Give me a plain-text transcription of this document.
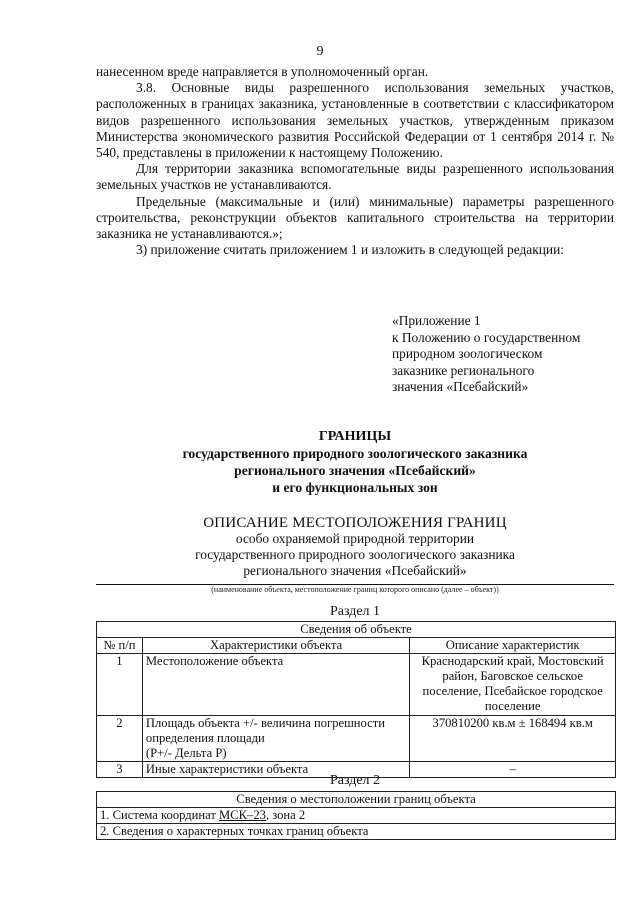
9

нанесенном вреде направляется в уполномоченный орган.

3.8. Основные виды разрешенного использования земельных участков, расположенных в границах заказника, установленные в соответствии с классификатором видов разрешенного использования земельных участков, утвержденным приказом Министерства экономического развития Российской Федерации от 1 сентября 2014 г. № 540, представлены в приложении к настоящему Положению.

Для территории заказника вспомогательные виды разрешенного использования земельных участков не устанавливаются.

Предельные (максимальные и (или) минимальные) параметры разрешенного строительства, реконструкции объектов капитального строительства на территории заказника не устанавливаются.»;

3) приложение считать приложением 1 и изложить в следующей редакции:

«Приложение 1
к Положению о государственном
природном зоологическом
заказнике регионального
значения «Псебайский»
ГРАНИЦЫ
государственного природного зоологического заказника
регионального значения «Псебайский»
и его функциональных зон
ОПИСАНИЕ МЕСТОПОЛОЖЕНИЯ ГРАНИЦ
особо охраняемой природной территории
государственного природного зоологического заказника
регионального значения «Псебайский»
(наименование объекта, местоположение границ которого описано (далее – объект))
Раздел 1
Сведения об объекте		
№ п/п	Характеристики объекта	Описание характеристик
1	Местоположение объекта	Краснодарский край, Мостовский
район, Баговское сельское
поселение, Псебайское городское
поселение

2	Площадь объекта +/- величина погрешности
определения площади
(P+/- Дельта P)	370810200 кв.м ± 168494 кв.м

3	Иные характеристики объекта	–
Раздел 2
Сведения о местоположении границ объекта
1. Система координат МСК–23, зона 2
2. Сведения о характерных точках границ объекта
